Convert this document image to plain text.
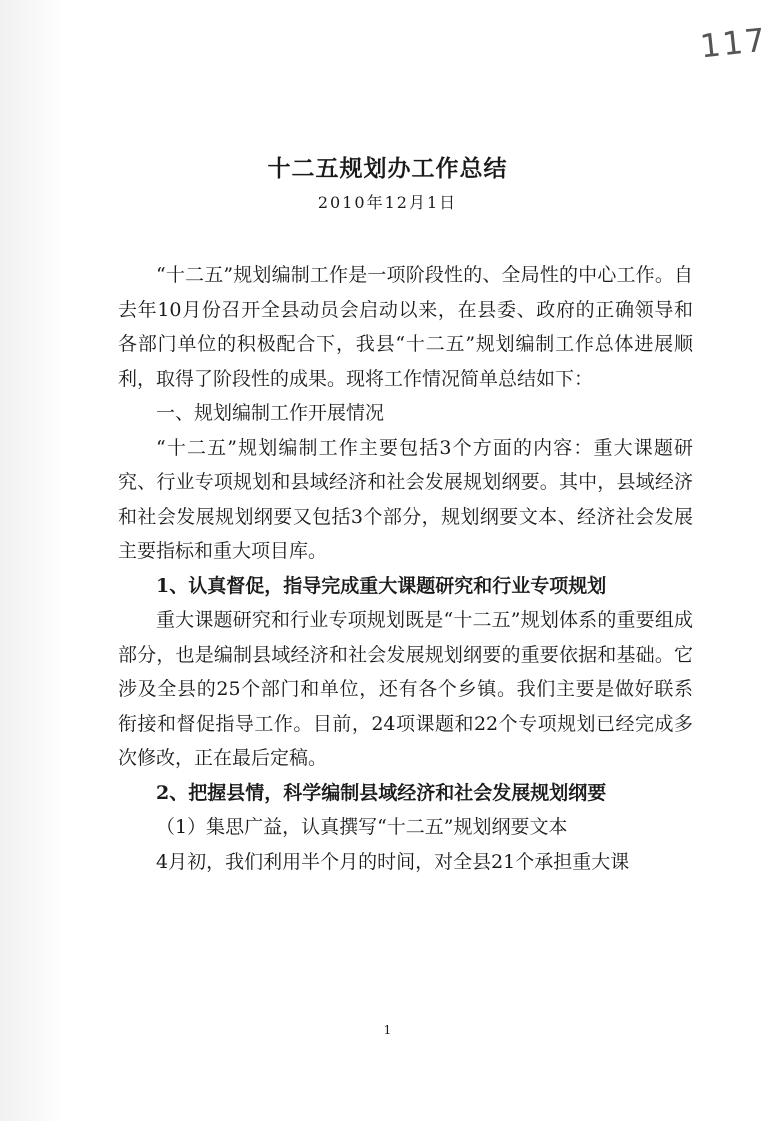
117
十二五规划办工作总结
2010年12月1日

“十二五”规划编制工作是一项阶段性的、全局性的中心工作。自去年10月份召开全县动员会启动以来，在县委、政府的正确领导和各部门单位的积极配合下，我县“十二五”规划编制工作总体进展顺利，取得了阶段性的成果。现将工作情况简单总结如下：

一、规划编制工作开展情况

“十二五”规划编制工作主要包括3个方面的内容：重大课题研究、行业专项规划和县域经济和社会发展规划纲要。其中，县域经济和社会发展规划纲要又包括3个部分，规划纲要文本、经济社会发展主要指标和重大项目库。

1、认真督促，指导完成重大课题研究和行业专项规划

重大课题研究和行业专项规划既是“十二五”规划体系的重要组成部分，也是编制县域经济和社会发展规划纲要的重要依据和基础。它涉及全县的25个部门和单位，还有各个乡镇。我们主要是做好联系衔接和督促指导工作。目前，24项课题和22个专项规划已经完成多次修改，正在最后定稿。

2、把握县情，科学编制县域经济和社会发展规划纲要

（1）集思广益，认真撰写“十二五”规划纲要文本

4月初，我们利用半个月的时间，对全县21个承担重大课

1
